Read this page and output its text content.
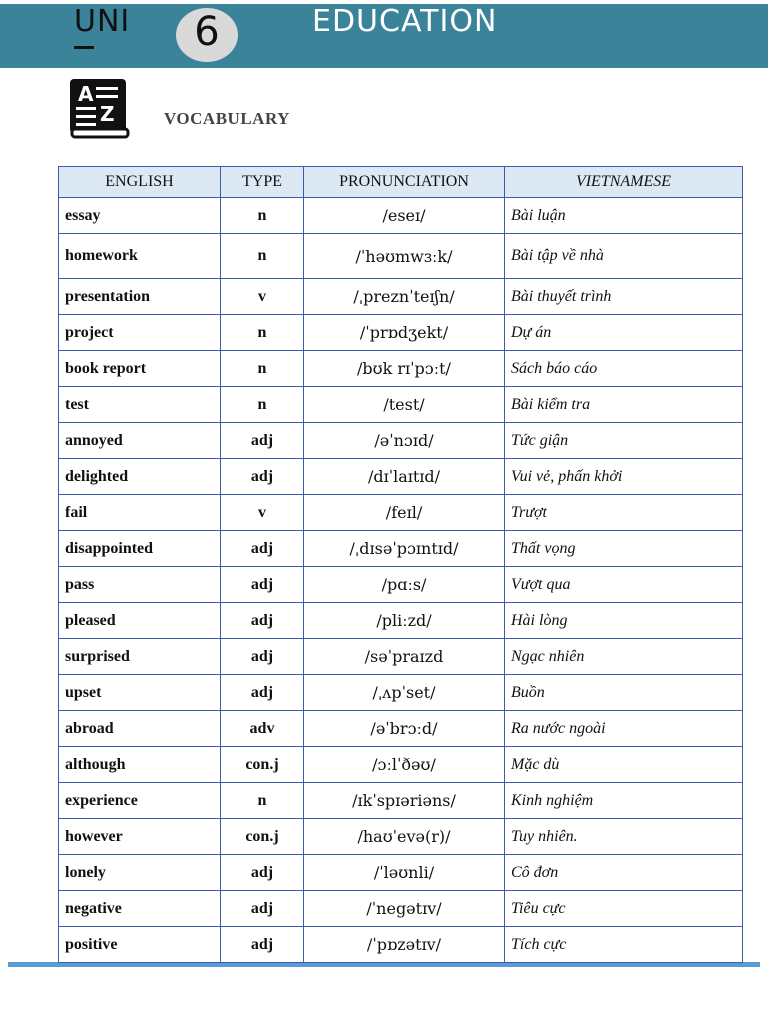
UNI 6	EDUCATION
A
Z	VOCABULARY
ENGLISH	TYPE	PRONUNCIATION	VIETNAMESE
essay	n	/eseɪ/	Bài luận
homework	n	/ˈhəʊmwɜːk/	Bài tập về nhà
presentation	v	/ˌpreznˈteɪʃn/	Bài thuyết trình
project	n	/ˈprɒdʒekt/	Dự án
book report	n	/bʊk rɪˈpɔːt/	Sách báo cáo
test	n	/test/	Bài kiểm tra
annoyed	adj	/əˈnɔɪd/	Tức giận
delighted	adj	/dɪˈlaɪtɪd/	Vui vẻ, phấn khởi
fail	v	/feɪl/	Trượt
disappointed	adj	/ˌdɪsəˈpɔɪntɪd/	Thất vọng
pass	adj	/pɑːs/	Vượt qua
pleased	adj	/pliːzd/	Hài lòng
surprised	adj	/səˈpraɪzd	Ngạc nhiên
upset	adj	/ˌʌpˈset/	Buồn
abroad	adv	/əˈbrɔːd/	Ra nước ngoài
although	con.j	/ɔːlˈðəʊ/	Mặc dù
experience	n	/ɪkˈspɪəriəns/	Kinh nghiệm
however	con.j	/haʊˈevə(r)/	Tuy nhiên.
lonely	adj	/ˈləʊnli/	Cô đơn
negative	adj	/ˈnegətɪv/	Tiêu cực
positive	adj	/ˈpɒzətɪv/	Tích cực
